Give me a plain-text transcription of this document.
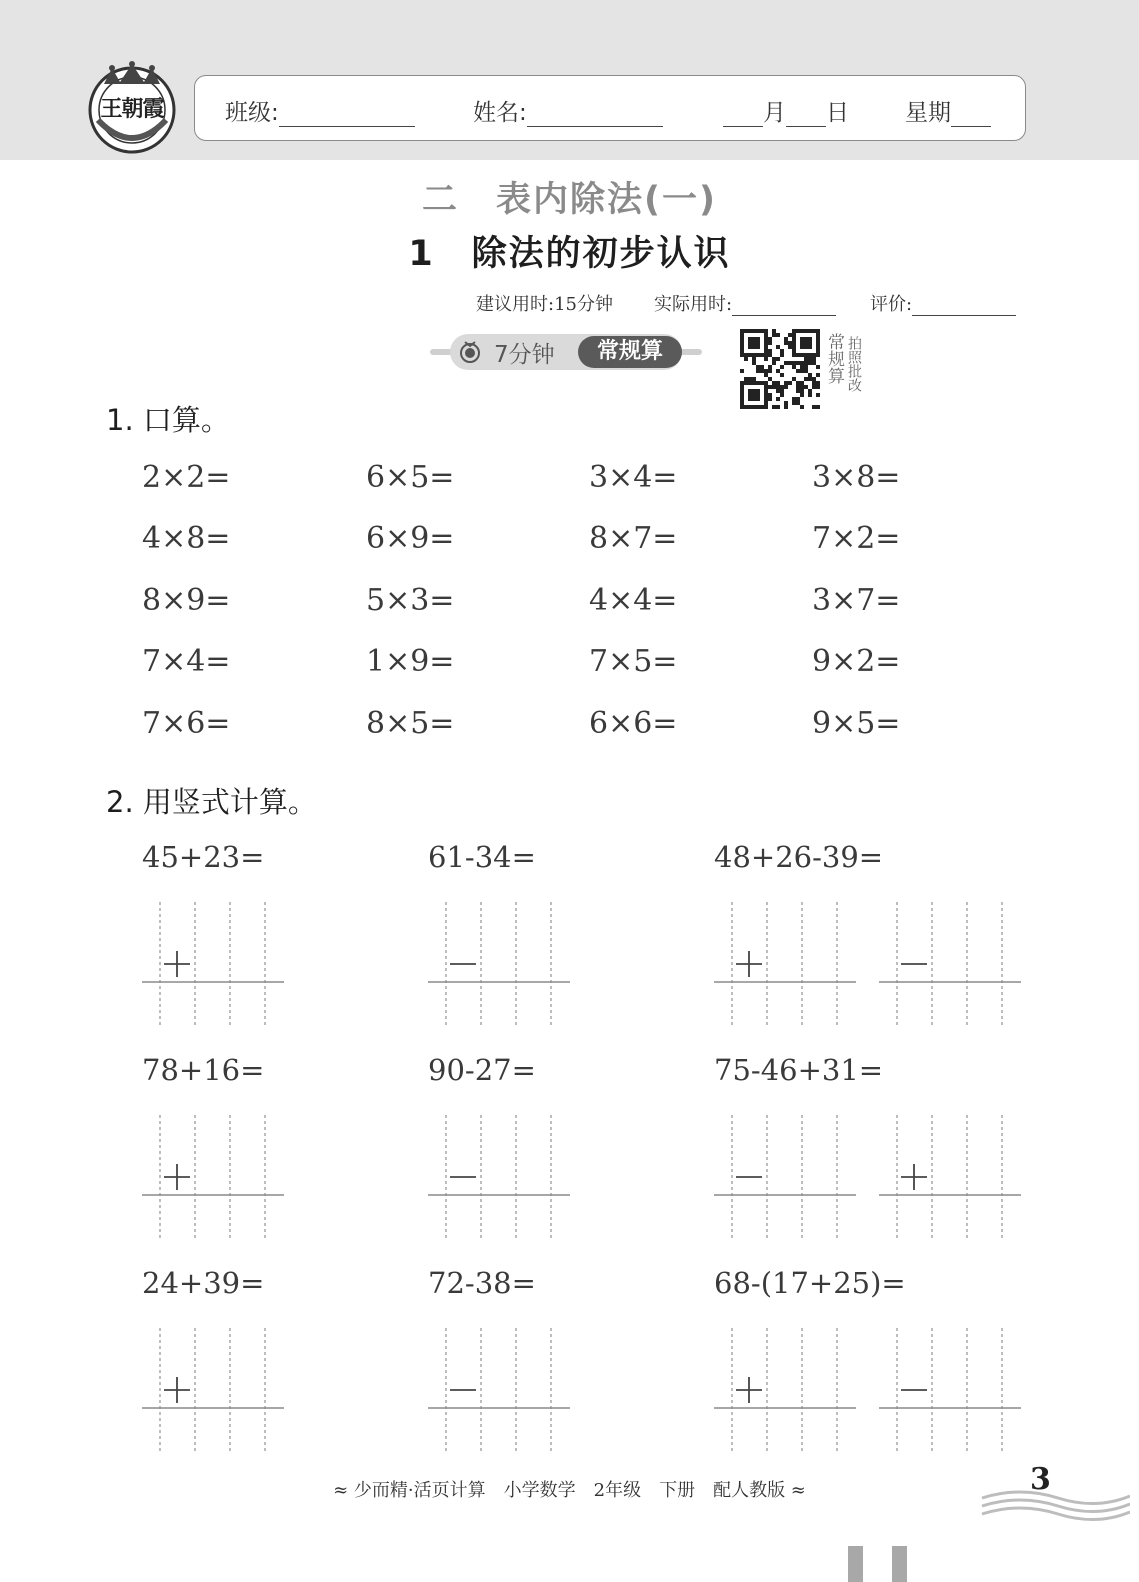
王朝霞	班级:	姓名:	月 日 星期
二　表内除法(一)
1　除法的初步认识
建议用时:15分钟 实际用时:	评价:
7分钟	常规算	常规算 拍照批改
1. 口算。
2×2=	6×5=	3×4=	3×8=
4×8=	6×9=	8×7=	7×2=
8×9=	5×3=	4×4=	3×7=
7×4=	1×9=	7×5=	9×2=
7×6=	8×5=	6×6=	9×5=
2. 用竖式计算。
45+23=	61-34=	48+26-39=
78+16=	90-27=	75-46+31=
24+39=	72-38=	68-(17+25)=
≈ 少而精·活页计算　小学数学　2年级　下册　配人教版 ≈	3
